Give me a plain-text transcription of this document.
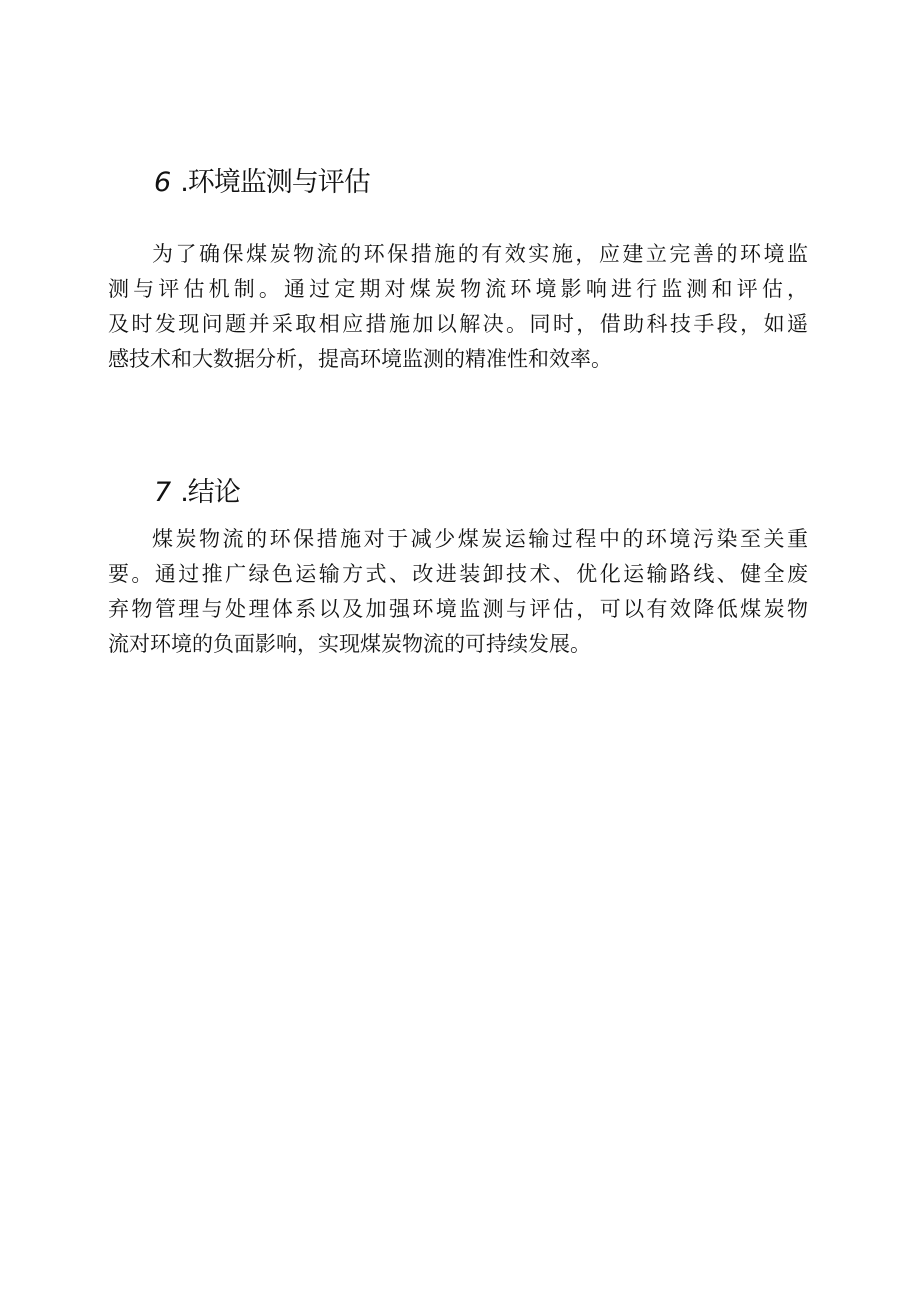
6 .环境监测与评估

为了确保煤炭物流的环保措施的有效实施，应建立完善的环境监
测与评估机制。通过定期对煤炭物流环境影响进行监测和评估，
及时发现问题并采取相应措施加以解决。同时，借助科技手段，如遥
感技术和大数据分析，提高环境监测的精准性和效率。

7 .结论

煤炭物流的环保措施对于减少煤炭运输过程中的环境污染至关重
要。通过推广绿色运输方式、改进装卸技术、优化运输路线、健全废
弃物管理与处理体系以及加强环境监测与评估，可以有效降低煤炭物
流对环境的负面影响，实现煤炭物流的可持续发展。
